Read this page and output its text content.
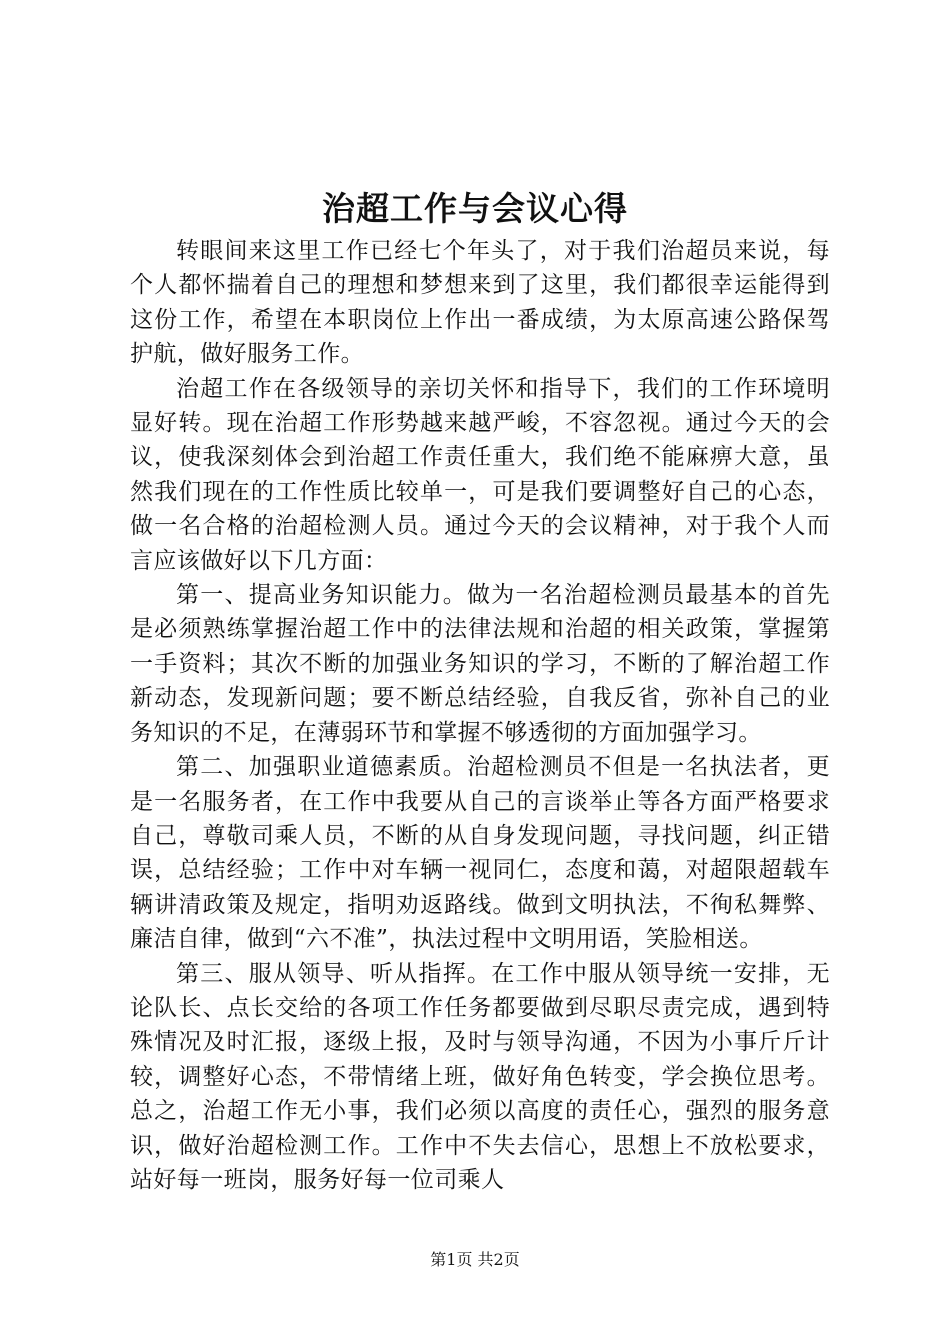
治超工作与会议心得

转眼间来这里工作已经七个年头了，对于我们治超员来说，每个人都怀揣着自己的理想和梦想来到了这里，我们都很幸运能得到这份工作，希望在本职岗位上作出一番成绩，为太原高速公路保驾护航，做好服务工作。

治超工作在各级领导的亲切关怀和指导下，我们的工作环境明显好转。现在治超工作形势越来越严峻，不容忽视。通过今天的会议，使我深刻体会到治超工作责任重大，我们绝不能麻痹大意，虽然我们现在的工作性质比较单一，可是我们要调整好自己的心态，做一名合格的治超检测人员。通过今天的会议精神，对于我个人而言应该做好以下几方面：

第一、提高业务知识能力。做为一名治超检测员最基本的首先是必须熟练掌握治超工作中的法律法规和治超的相关政策，掌握第一手资料；其次不断的加强业务知识的学习，不断的了解治超工作新动态，发现新问题；要不断总结经验，自我反省，弥补自己的业务知识的不足，在薄弱环节和掌握不够透彻的方面加强学习。

第二、加强职业道德素质。治超检测员不但是一名执法者，更是一名服务者，在工作中我要从自己的言谈举止等各方面严格要求自己，尊敬司乘人员，不断的从自身发现问题，寻找问题，纠正错误，总结经验；工作中对车辆一视同仁，态度和蔼，对超限超载车辆讲清政策及规定，指明劝返路线。做到文明执法，不徇私舞弊、廉洁自律，做到“六不准”，执法过程中文明用语，笑脸相送。

第三、服从领导、听从指挥。在工作中服从领导统一安排，无论队长、点长交给的各项工作任务都要做到尽职尽责完成，遇到特殊情况及时汇报，逐级上报，及时与领导沟通，不因为小事斤斤计较，调整好心态，不带情绪上班，做好角色转变，学会换位思考。总之，治超工作无小事，我们必须以高度的责任心，强烈的服务意识，做好治超检测工作。工作中不失去信心，思想上不放松要求，站好每一班岗，服务好每一位司乘人

第1页 共2页
